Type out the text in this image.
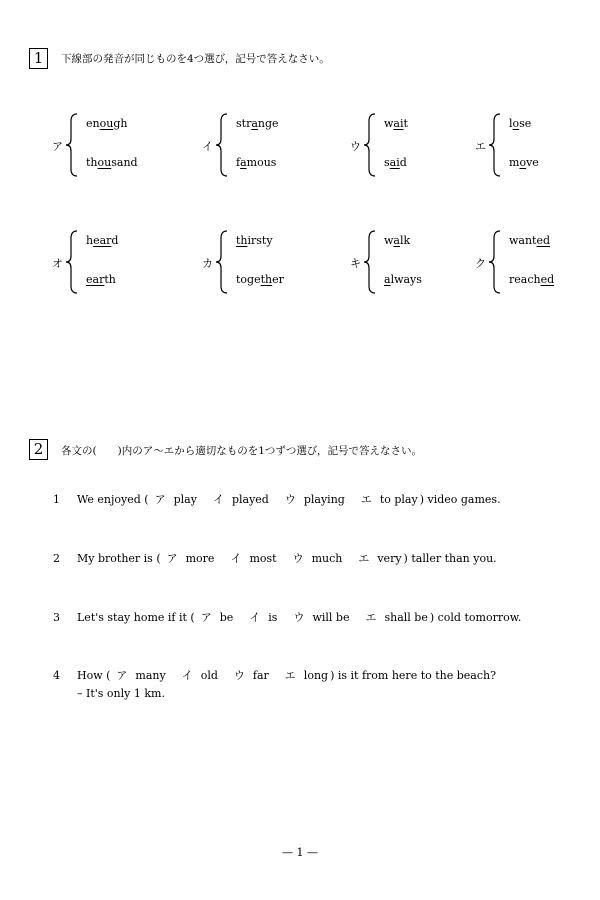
1	下線部の発音が同じものを4つ選び，記号で答えなさい。
ア
enough
thousand
イ
strange
famous
ウ
wait
said
エ
lose
move
オ
heard
earth
カ
thirsty
together
キ
walk
always
ク
wanted
reached
2	各文の(　　)内のア～エから適切なものを1つずつ選び，記号で答えなさい。
1 We enjoyed ( ア play イ played ウ playing エ to play ) video games.
2 My brother is ( ア more イ most ウ much エ very ) taller than you.
3 Let's stay home if it ( ア be イ is ウ will be エ shall be ) cold tomorrow.
4 How ( ア many イ old ウ far エ long ) is it from here to the beach?
– It's only 1 km.
— 1 —
